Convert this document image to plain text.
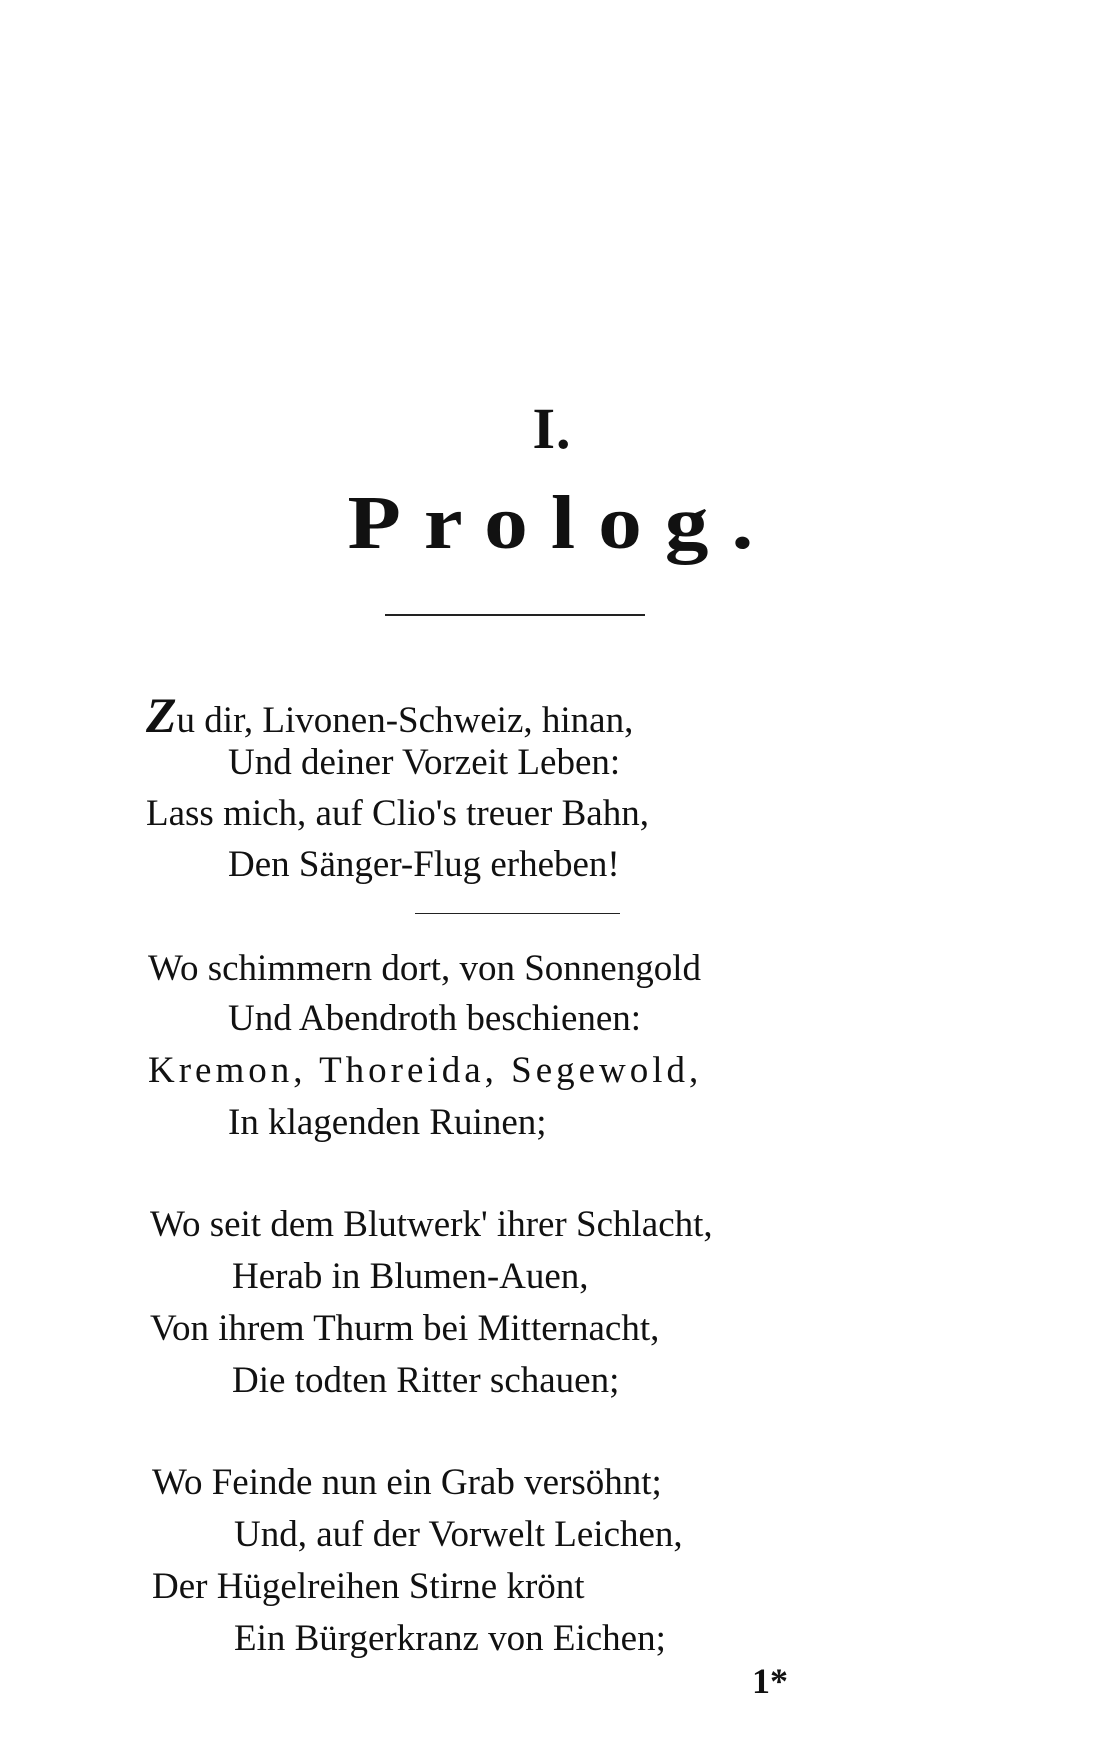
I.
Prolog.
Zu dir, Livonen-Schweiz, hinan,
Und deiner Vorzeit Leben:
Lass mich, auf Clio's treuer Bahn,
Den Sänger-Flug erheben!
Wo schimmern dort, von Sonnengold
Und Abendroth beschienen:
Kremon, Thoreida, Segewold,
In klagenden Ruinen;
Wo seit dem Blutwerk' ihrer Schlacht,
Herab in Blumen-Auen,
Von ihrem Thurm bei Mitternacht,
Die todten Ritter schauen;
Wo Feinde nun ein Grab versöhnt;
Und, auf der Vorwelt Leichen,
Der Hügelreihen Stirne krönt
Ein Bürgerkranz von Eichen;
1*
